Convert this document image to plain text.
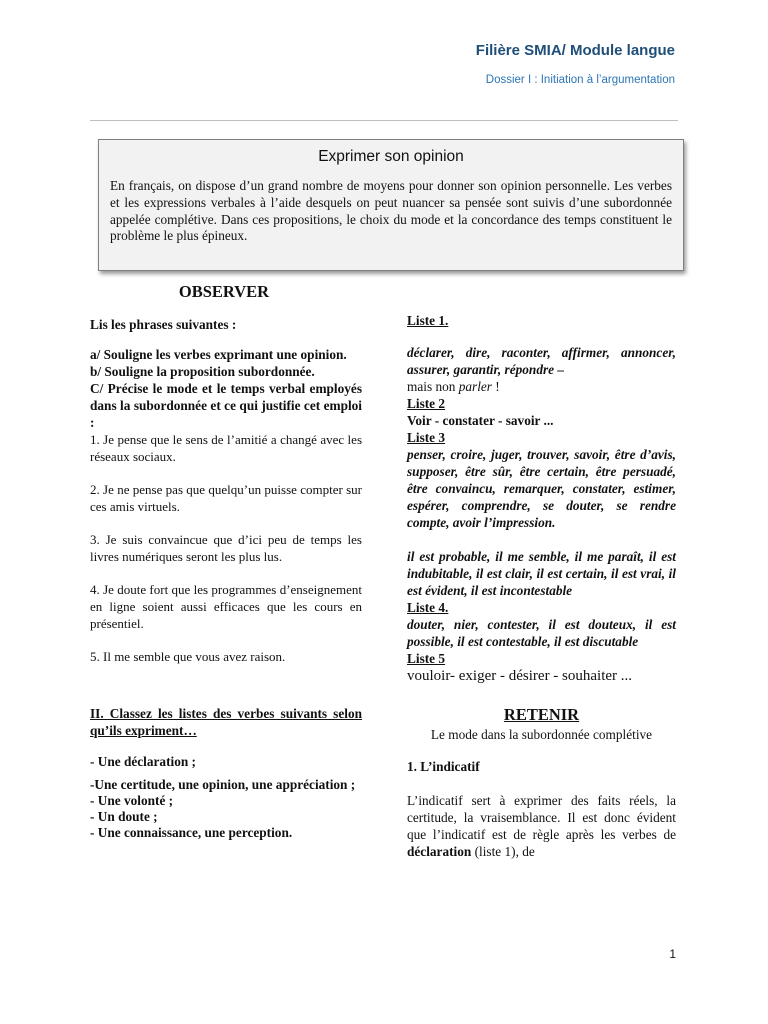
Filière SMIA/ Module langue
Dossier I : Initiation à l’argumentation
Exprimer son opinion

En français, on dispose d’un grand nombre de moyens pour donner son opinion personnelle. Les verbes et les expressions verbales à l’aide desquels on peut nuancer sa pensée sont suivis d’une subordonnée appelée complétive. Dans ces propositions, le choix du mode et la concordance des temps constituent le problème le plus épineux.

OBSERVER

Lis les phrases suivantes :

a/ Souligne les verbes exprimant une opinion.

b/ Souligne la proposition subordonnée.

C/ Précise le mode et le temps verbal employés dans la subordonnée et ce qui justifie cet emploi :

1. Je pense que le sens de l’amitié a changé avec les réseaux sociaux.

2. Je ne pense pas que quelqu’un puisse compter sur ces amis virtuels.

3. Je suis convaincue que d’ici peu de temps les livres numériques seront les plus lus.

4. Je doute fort que les programmes d’enseignement en ligne soient aussi efficaces que les cours en présentiel.

5. Il me semble que vous avez raison.

II. Classez les listes des verbes suivants selon qu’ils expriment…

- Une déclaration ;

-Une certitude, une opinion, une appréciation ;

- Une volonté ;

- Un doute ;

- Une connaissance, une perception.

Liste 1.

déclarer, dire, raconter, affirmer, annoncer, assurer, garantir, répondre –

mais non parler !

Liste 2

Voir - constater - savoir ...

Liste 3

penser, croire, juger, trouver, savoir, être d’avis, supposer, être sûr, être certain, être persuadé, être convaincu, remarquer, constater, estimer, espérer, comprendre, se douter, se rendre compte, avoir l’impression.

il est probable, il me semble, il me paraît, il est indubitable, il est clair, il est certain, il est vrai, il est évident, il est incontestable

Liste 4.

douter, nier, contester, il est douteux, il est possible, il est contestable, il est discutable

Liste 5

vouloir- exiger - désirer - souhaiter ...

RETENIR

Le mode dans la subordonnée complétive

1. L’indicatif

L’indicatif sert à exprimer des faits réels, la certitude, la vraisemblance. Il est donc évident que l’indicatif est de règle après les verbes de déclaration (liste 1), de

1
